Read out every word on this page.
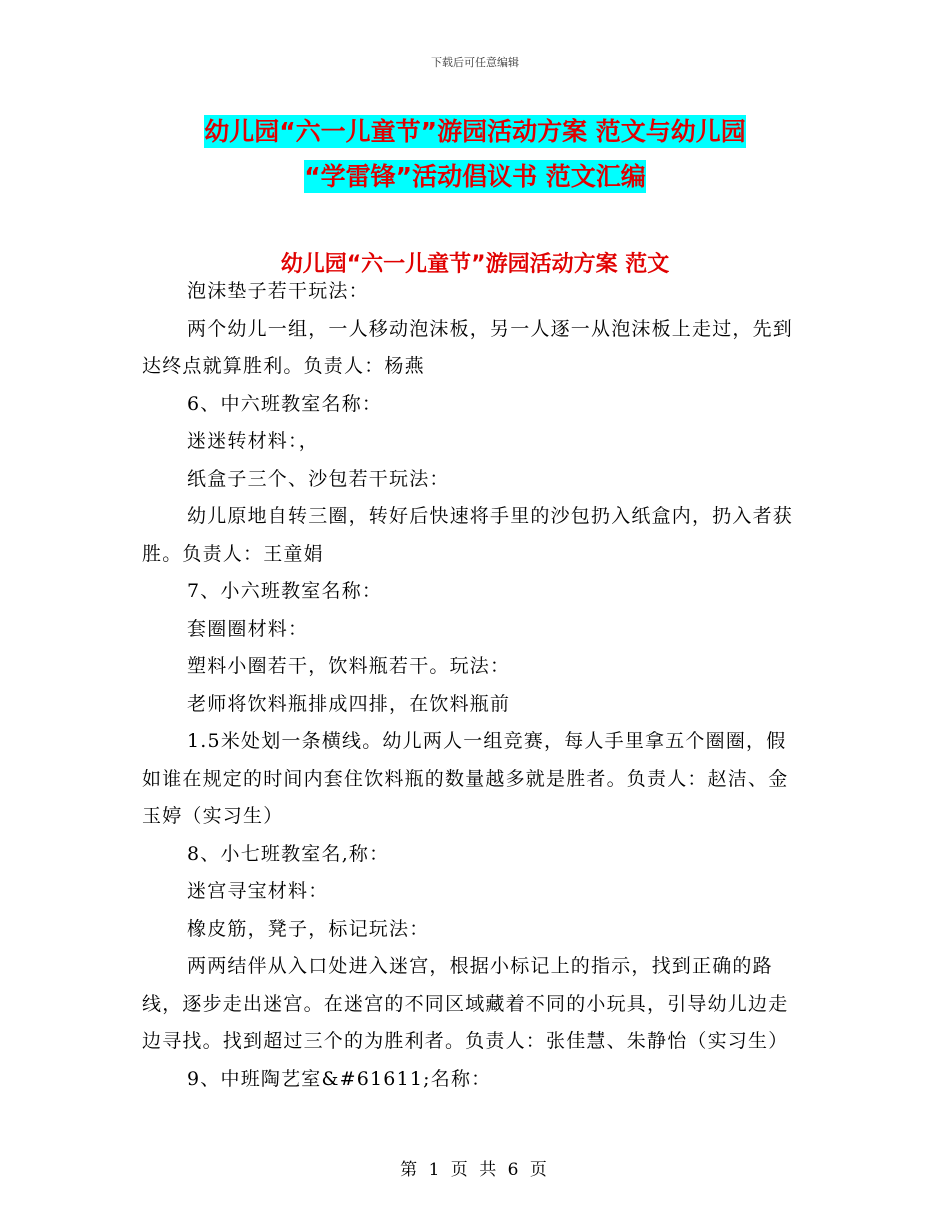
下载后可任意编辑
幼儿园“六一儿童节”游园活动方案 范文与幼儿园
“学雷锋”活动倡议书 范文汇编
幼儿园“六一儿童节”游园活动方案 范文

泡沫垫子若干玩法：

两个幼儿一组，一人移动泡沫板，另一人逐一从泡沫板上走过，先到达终点就算胜利。负责人：杨燕

6、中六班教室名称：

迷迷转材料：，

纸盒子三个、沙包若干玩法：

幼儿原地自转三圈，转好后快速将手里的沙包扔入纸盒内，扔入者获胜。负责人：王童娟

7、小六班教室名称：

套圈圈材料：

塑料小圈若干，饮料瓶若干。玩法：

老师将饮料瓶排成四排，在饮料瓶前

1.5米处划一条横线。幼儿两人一组竞赛，每人手里拿五个圈圈，假如谁在规定的时间内套住饮料瓶的数量越多就是胜者。负责人：赵洁、金玉婷（实习生）

8、小七班教室名,称：

迷宫寻宝材料：

橡皮筋，凳子，标记玩法：

两两结伴从入口处进入迷宫，根据小标记上的指示，找到正确的路线，逐步走出迷宫。在迷宫的不同区域藏着不同的小玩具，引导幼儿边走边寻找。找到超过三个的为胜利者。负责人：张佳慧、朱静怡（实习生）

9、中班陶艺室&#61611;名称：

第 1 页 共 6 页
